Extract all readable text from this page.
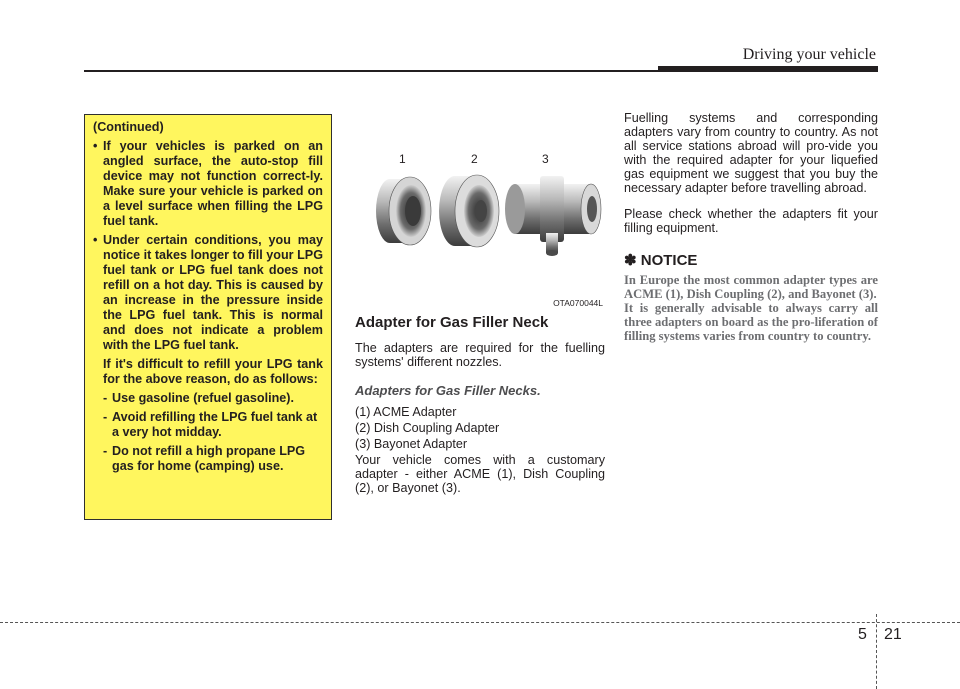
Driving your vehicle

(Continued)

• If your vehicles is parked on an angled surface, the auto-stop fill device may not function correct-ly. Make sure your vehicle is parked on a level surface when filling the LPG fuel tank.
• Under certain conditions, you may notice it takes longer to fill your LPG fuel tank or LPG fuel tank does not refill on a hot day. This is caused by an increase in the pressure inside the LPG fuel tank. This is normal and does not indicate a problem with the LPG fuel tank.

If it's difficult to refill your LPG tank for the above reason, do as follows:

- Use gasoline (refuel gasoline).
- Avoid refilling the LPG fuel tank at a very hot midday.
- Do not refill a high propane LPG gas for home (camping) use.
1	2	3
OTA070044L
Adapter for Gas Filler Neck

The adapters are required for the fuelling systems' different nozzles.

Adapters for Gas Filler Necks.

(1) ACME Adapter

(2) Dish Coupling Adapter

(3) Bayonet Adapter

Your vehicle comes with a customary adapter - either ACME (1), Dish Coupling (2), or Bayonet (3).

Fuelling systems and corresponding adapters vary from country to country. As not all service stations abroad will pro-vide you with the required adapter for your liquefied gas equipment we suggest that you buy the necessary adapter before travelling abroad.

Please check whether the adapters fit your filling equipment.

✽ NOTICE

In Europe the most common adapter types are ACME (1), Dish Coupling (2), and Bayonet (3).

It is generally advisable to always carry all three adapters on board as the pro-liferation of filling systems varies from country to country.

5 21
